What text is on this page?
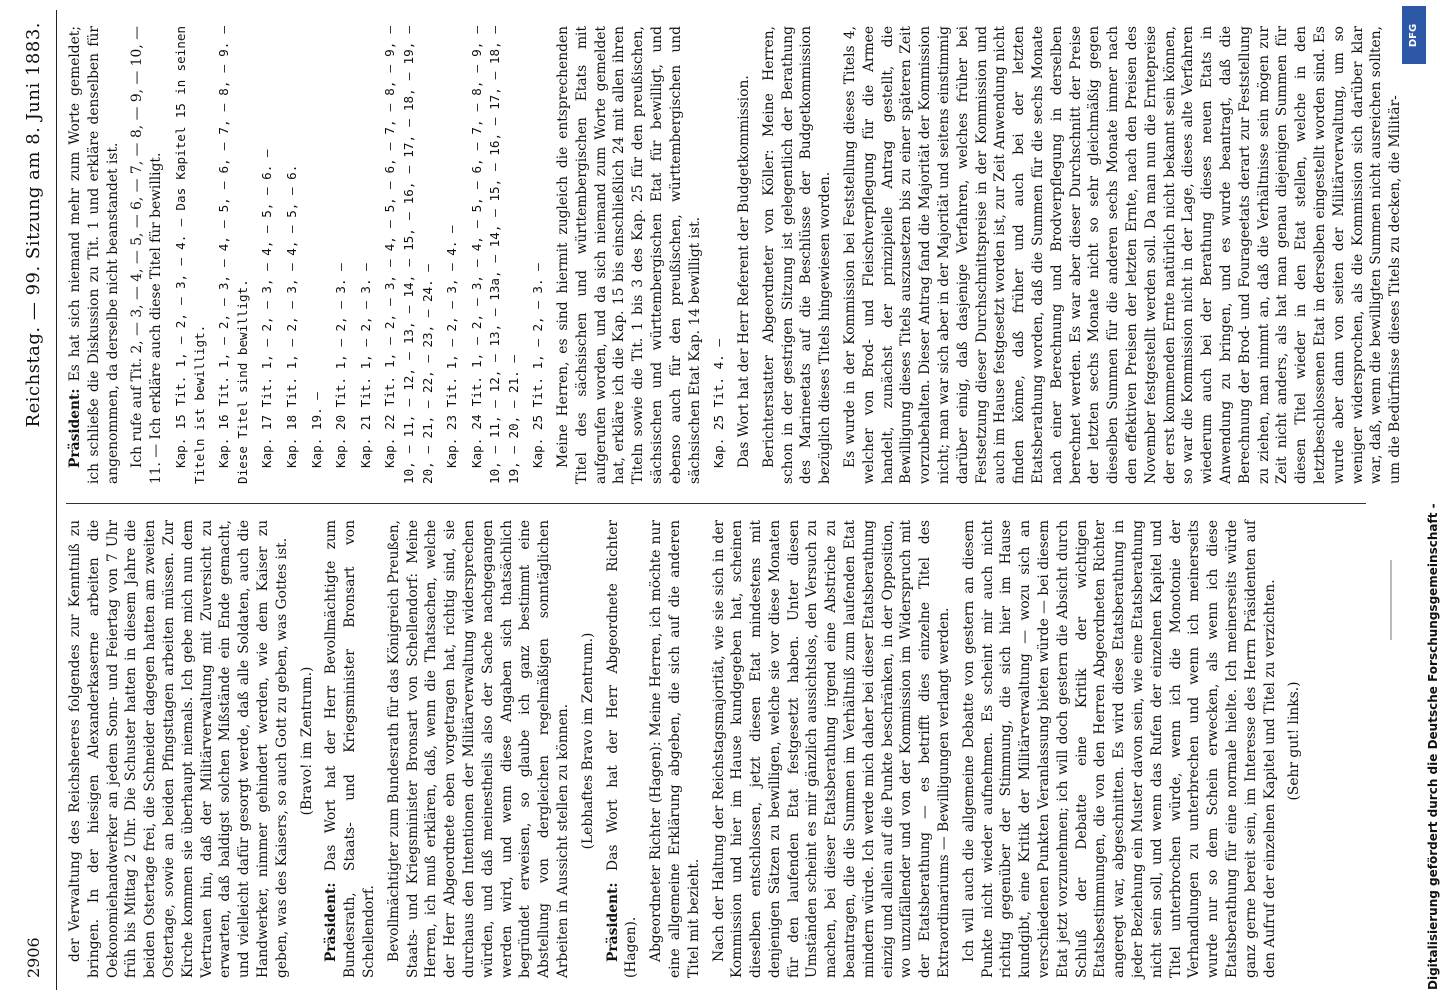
2906
Reichstag. — 99. Sitzung am 8. Juni 1883.

der Verwaltung des Reichsheeres folgendes zur Kenntniß zu bringen. In der hiesigen Alexanderkaserne arbeiten die Oekonomiehandwerker an jedem Sonn- und Feiertag von 7 Uhr früh bis Mittag 2 Uhr. Die Schuster hatten in diesem Jahre die beiden Ostertage frei, die Schneider dagegen hatten am zweiten Ostertage, sowie an beiden Pfingsttagen arbeiten müssen. Zur Kirche kommen sie überhaupt niemals. Ich gebe mich nun dem Vertrauen hin, daß der Militärverwaltung mit Zuversicht zu erwarten, daß baldigst solchen Mißstände ein Ende gemacht, und vielleicht dafür gesorgt werde, daß alle Soldaten, auch die Handwerker, nimmer gehindert werden, wie dem Kaiser zu geben, was des Kaisers, so auch Gott zu geben, was Gottes ist. (Bravo! im Zentrum.)

Präsident: Das Wort hat der Herr Bevollmächtigte zum Bundesrath, Staats- und Kriegsminister Bronsart von Schellendorf. Bevollmächtigter zum Bundesrath für das Königreich Preußen, Staats- und Kriegsminister Bronsart von Schellendorf: Meine Herren, ich muß erklären, daß, wenn die Thatsachen, welche der Herr Abgeordnete eben vorgetragen hat, richtig sind, sie durchaus den Intentionen der Militärverwaltung widersprechen würden, und daß meinestheils also der Sache nachgegangen werden wird, und wenn diese Angaben sich thatsächlich begründet erweisen, so glaube ich ganz bestimmt eine Abstellung von dergleichen regelmäßigen sonntäglichen Arbeiten in Aussicht stellen zu können. (Lebhaftes Bravo im Zentrum.)

Präsident: Das Wort hat der Herr Abgeordnete Richter (Hagen). Abgeordneter Richter (Hagen): Meine Herren, ich möchte nur eine allgemeine Erklärung abgeben, die sich auf die anderen Titel mit bezieht. Nach der Haltung der Reichstagsmajorität, wie sie sich in der Kommission und hier im Hause kundgegeben hat, scheinen dieselben entschlossen, jetzt diesen Etat mindestens mit denjenigen Sätzen zu bewilligen, welche sie vor diese Monaten für den laufenden Etat festgesetzt haben. Unter diesen Umständen scheint es mir gänzlich aussichtslos, den Versuch zu machen, bei dieser Etatsberathung irgend eine Abstriche zu beantragen, die die Summen im Verhältniß zum laufenden Etat mindern würde. Ich werde mich daher bei dieser Etatsberathung einzig und allein auf die Punkte beschränken, in der Opposition, wo unzufällender und von der Kommission im Widerspruch mit der Etatsberathung — es betrifft dies einzelne Titel des Extraordinariums — Bewilligungen verlangt werden. Ich will auch die allgemeine Debatte von gestern an diesem Punkte nicht wieder aufnehmen. Es scheint mir auch nicht richtig gegenüber der Stimmung, die sich hier im Hause kundgibt, eine Kritik der Militärverwaltung — wozu sich an verschiedenen Punkten Veranlassung bieten würde — bei diesem Etat jetzt vorzunehmen; ich will doch gestern die Absicht durch Schluß der Debatte eine Kritik der wichtigen Etatsbestimmungen, die von den Herren Abgeordneten Richter angeregt war, abgeschnitten. Es wird diese Etatsberathung in jeder Beziehung ein Muster davon sein, wie eine Etatsberathung nicht sein soll, und wenn das Rufen der einzelnen Kapitel und Titel unterbrochen würde, wenn ich die Monotonie der Verhandlungen zu unterbrechen und wenn ich meinerseits wurde nur so dem Schein erwecken, als wenn ich diese Etatsberathung für eine normale hielte. Ich meinerseits würde ganz gerne bereit sein, im Interesse des Herrn Präsidenten auf den Aufruf der einzelnen Kapitel und Titel zu verzichten. (Sehr gut! links.)

Präsident: Es hat sich niemand mehr zum Worte gemeldet; ich schließe die Diskussion zu Tit. 1 und erkläre denselben für angenommen, da derselbe nicht beanstandet ist. Ich rufe auf Tit. 2, — 3, — 4, — 5, — 6, — 7, — 8, — 9, — 10, — 11. — Ich erkläre auch diese Titel für bewilligt. Kap. 15 Tit. 1, — 2, — 3, — 4. — Das Kapitel 15 in seinen Titeln ist bewilligt. Kap. 16 Tit. 1, — 2, — 3, — 4, — 5, — 6, — 7, — 8, — 9. — Diese Titel sind bewilligt. Kap. 17 Tit. 1, — 2, — 3, — 4, — 5, — 6. — Kap. 18 Tit. 1, — 2, — 3, — 4, — 5, — 6. Kap. 19. — Kap. 20 Tit. 1, — 2, — 3. — Kap. 21 Tit. 1, — 2, — 3. — Kap. 22 Tit. 1, — 2, — 3, — 4, — 5, — 6, — 7, — 8, — 9, — 10, — 11, — 12, — 13, — 14, — 15, — 16, — 17, — 18, — 19, — 20, — 21, — 22, — 23, — 24. — Kap. 23 Tit. 1, — 2, — 3, — 4. — Kap. 24 Tit. 1, — 2, — 3, — 4, — 5, — 6, — 7, — 8, — 9, — 10, — 11, — 12, — 13, — 13a, — 14, — 15, — 16, — 17, — 18, — 19, — 20, — 21. — Kap. 25 Tit. 1, — 2, — 3. — Meine Herren, es sind hiermit zugleich die entsprechenden Titel des sächsischen und württembergischen Etats mit aufgerufen worden, und da sich niemand zum Worte gemeldet hat, erkläre ich die Kap. 15 bis einschließlich 24 mit allen ihren Titeln sowie die Tit. 1 bis 3 des Kap. 25 für den preußischen, sächsischen und württembergischen Etat für bewilligt, und ebenso auch für den preußischen, württembergischen und sächsischen Etat Kap. 14 bewilligt ist. Kap. 25 Tit. 4. — Das Wort hat der Herr Referent der Budgetkommission. Berichterstatter Abgeordneter von Köller: Meine Herren, schon in der gestrigen Sitzung ist gelegentlich der Berathung des Marineetats auf die Beschlüsse der Budgetkommission bezüglich dieses Titels hingewiesen worden. Es wurde in der Kommission bei Feststellung dieses Titels 4, welcher von Brod- und Fleischverpflegung für die Armee handelt, zunächst der prinzipielle Antrag gestellt, die Bewilligung dieses Titels auszusetzen bis zu einer späteren Zeit vorzubehalten. Dieser Antrag fand die Majorität der Kommission nicht; man war sich aber in der Majorität und seitens einstimmig darüber einig, daß dasjenige Verfahren, welches früher bei Festsetzung dieser Durchschnittspreise in der Kommission und auch im Hause festgesetzt worden ist, zur Zeit Anwendung nicht finden könne, daß früher und auch bei der letzten Etatsberathung worden, daß die Summen für die sechs Monate nach einer Berechnung und Brodverpflegung in derselben berechnet werden. Es war aber dieser Durchschnitt der Preise der letzten sechs Monate nicht so sehr gleichmäßig gegen dieselben Summen für die anderen sechs Monate immer nach den effektiven Preisen der letzten Ernte, nach den Preisen des November festgestellt werden soll. Da man nun die Erntepreise der erst kommenden Ernte natürlich nicht bekannt sein können, so war die Kommission nicht in der Lage, dieses alte Verfahren wiederum auch bei der Berathung dieses neuen Etats in Anwendung zu bringen, und es wurde beantragt, daß die Berechnung der Brod- und Fourageetats derart zur Feststellung zu ziehen, man nimmt an, daß die Verhältnisse sein mögen zur Zeit nicht anders, als hat man genau diejenigen Summen für diesen Titel wieder in den Etat stellen, welche in den letztbeschlossenen Etat in derselben eingestellt worden sind. Es wurde aber dann von seiten der Militärverwaltung, um so weniger widersprochen, als die Kommission sich darüber klar war, daß, wenn die bewilligten Summen nicht ausreichen sollten, um die Bedürfnisse dieses Titels zu decken, die Militär-

DFG
Digitalisierung gefördert durch die Deutsche Forschungsgemeinschaft -
